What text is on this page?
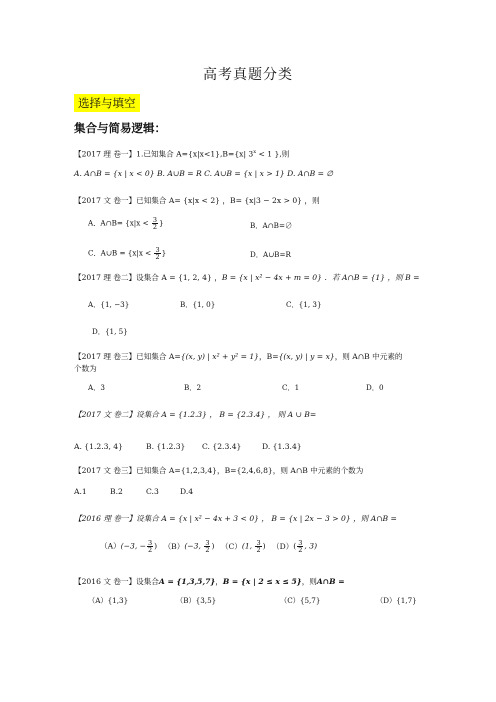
高考真题分类
选择与填空
集合与简易逻辑：
【2017 理 卷一】1.已知集合 A={x|x<1},B={x| $3^x < 1$ },则
A. A∩B = {x | x < 0} B. A∪B = R C. A∪B = {x | x > 1} D. A∩B = ∅
【2017 文 卷一】已知集合 A= {x|x < 2} ，B= {x|3 − 2x > 0} ，则
A．A∩B= {$x|x < \frac{3}{2}$ }	B．A∩B=∅
C．A∪B = {$x|x < \frac{3}{2}$ }	D．A∪B=R
【2017 理 卷二】设集合 A = {1, 2, 4} ，B = {x | x² − 4x + m = 0} ．若 A∩B = {1} ，则 B =
A．{1, −3}	B．{1, 0}	C．{1, 3}
D．{1, 5}
【2017 理 卷三】已知集合 A={(x, y) | x² + y² = 1}，B={(x, y) | y = x}，则 A∩B 中元素的
个数为
A．3	B．2	C．1	D．0
【2017 文 卷二】设集合 A = {1.2.3} ， B = {2.3.4} ， 则 A ∪ B=
A. {1.2.3, 4}	B. {1.2.3} C. {2.3.4}	D. {1.3.4}
【2017 文 卷三】已知集合 A={1,2,3,4}，B={2,4,6,8}，则 A∩B 中元素的个数为
A.1	B.2	C.3	D.4
【2016 理 卷一】设集合 A = {x | x² − 4x + 3 < 0} ， B = {x | 2x − 3 > 0} ，则 A∩B =
（A）(−3, − $\frac{3}{2}$ ) （B）(−3, $\frac{3}{2}$ ) （C）(1, $\frac{3}{2}$ ) $(D)( \frac{3}{2}$ , 3)
【2016 文 卷一】设集合A = {1,3,5,7}，B = {x | 2 ≤ x ≤ 5}，则A∩B =
（A）{1,3}	（B）{3,5}	（C）{5,7}	（D）{1,7}
